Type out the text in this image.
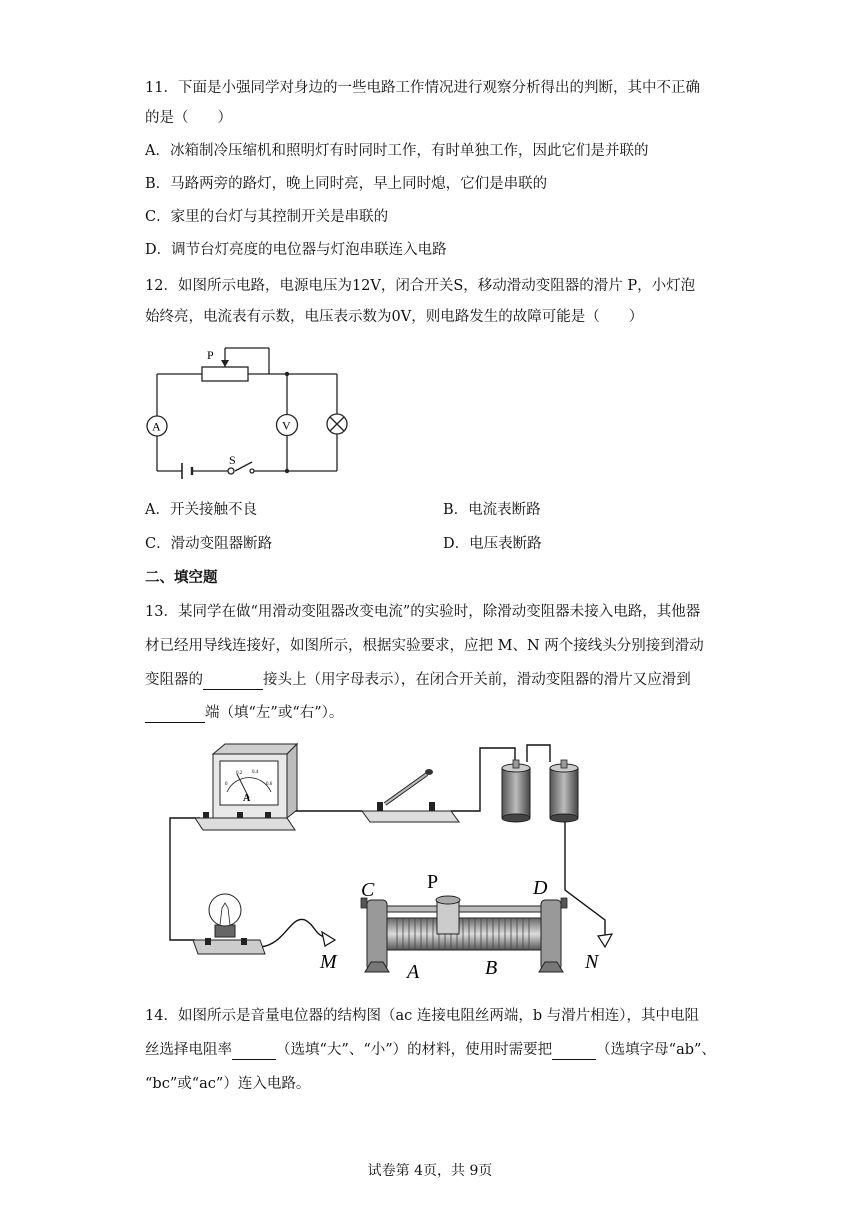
11．下面是小强同学对身边的一些电路工作情况进行观察分析得出的判断，其中不正确
的是（　　）
A．冰箱制冷压缩机和照明灯有时同时工作，有时单独工作，因此它们是并联的
B．马路两旁的路灯，晚上同时亮，早上同时熄，它们是串联的
C．家里的台灯与其控制开关是串联的
D．调节台灯亮度的电位器与灯泡串联连入电路
12．如图所示电路，电源电压为12V，闭合开关S，移动滑动变阻器的滑片 P，小灯泡
始终亮，电流表有示数，电压表示数为0V，则电路发生的故障可能是（　　）
P
A	V
S
A．开关接触不良	B．电流表断路
C．滑动变阻器断路	D．电压表断路
二、填空题
13．某同学在做“用滑动变阻器改变电流”的实验时，除滑动变阻器未接入电路，其他器
材已经用导线连接好，如图所示，根据实验要求，应把 M、N 两个接线头分别接到滑动
变阻器的	接头上（用字母表示），在闭合开关前，滑动变阻器的滑片又应滑到
端（填“左”或“右”）。
A
0
0.2 0.4
0.6
C	P	D
A	B
M	N
14．如图所示是音量电位器的结构图（ac 连接电阻丝两端，b 与滑片相连），其中电阻
丝选择电阻率	（选填“大”、“小”）的材料，使用时需要把	（选填字母“ab”、
“bc”或“ac”）连入电路。
试卷第 4页，共 9页
